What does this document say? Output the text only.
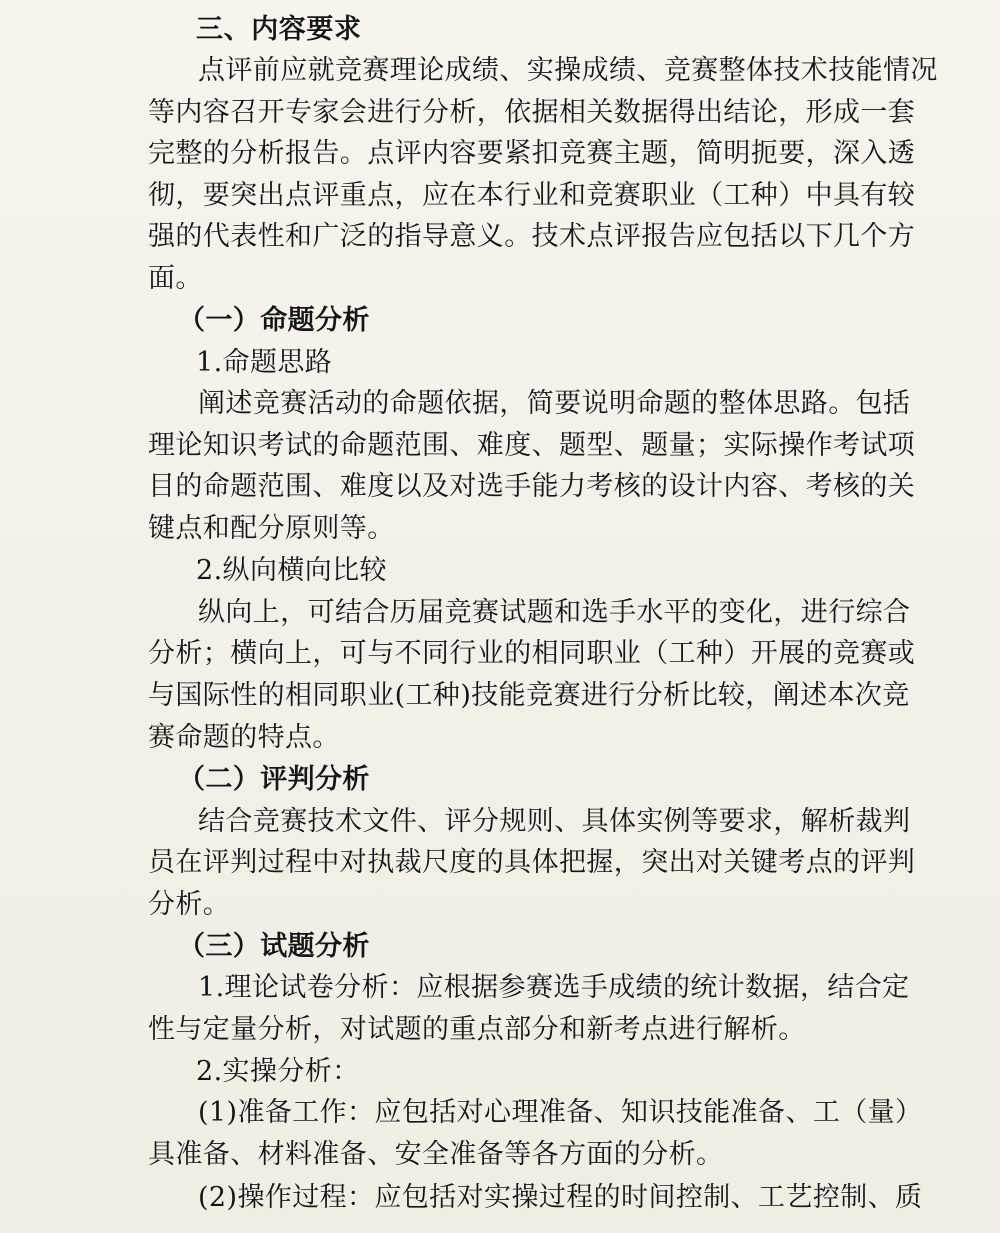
三、内容要求
点评前应就竞赛理论成绩、实操成绩、竞赛整体技术技能情况
等内容召开专家会进行分析，依据相关数据得出结论，形成一套
完整的分析报告。点评内容要紧扣竞赛主题，简明扼要，深入透
彻，要突出点评重点，应在本行业和竞赛职业（工种）中具有较
强的代表性和广泛的指导意义。技术点评报告应包括以下几个方
面。
（一）命题分析
1.命题思路
阐述竞赛活动的命题依据，简要说明命题的整体思路。包括
理论知识考试的命题范围、难度、题型、题量；实际操作考试项
目的命题范围、难度以及对选手能力考核的设计内容、考核的关
键点和配分原则等。
2.纵向横向比较
纵向上，可结合历届竞赛试题和选手水平的变化，进行综合
分析；横向上，可与不同行业的相同职业（工种）开展的竞赛或
与国际性的相同职业(工种)技能竞赛进行分析比较，阐述本次竞
赛命题的特点。
（二）评判分析
结合竞赛技术文件、评分规则、具体实例等要求，解析裁判
员在评判过程中对执裁尺度的具体把握，突出对关键考点的评判
分析。
（三）试题分析
1.理论试卷分析：应根据参赛选手成绩的统计数据，结合定
性与定量分析，对试题的重点部分和新考点进行解析。
2.实操分析：
(1)准备工作：应包括对心理准备、知识技能准备、工（量）
具准备、材料准备、安全准备等各方面的分析。
(2)操作过程：应包括对实操过程的时间控制、工艺控制、质
